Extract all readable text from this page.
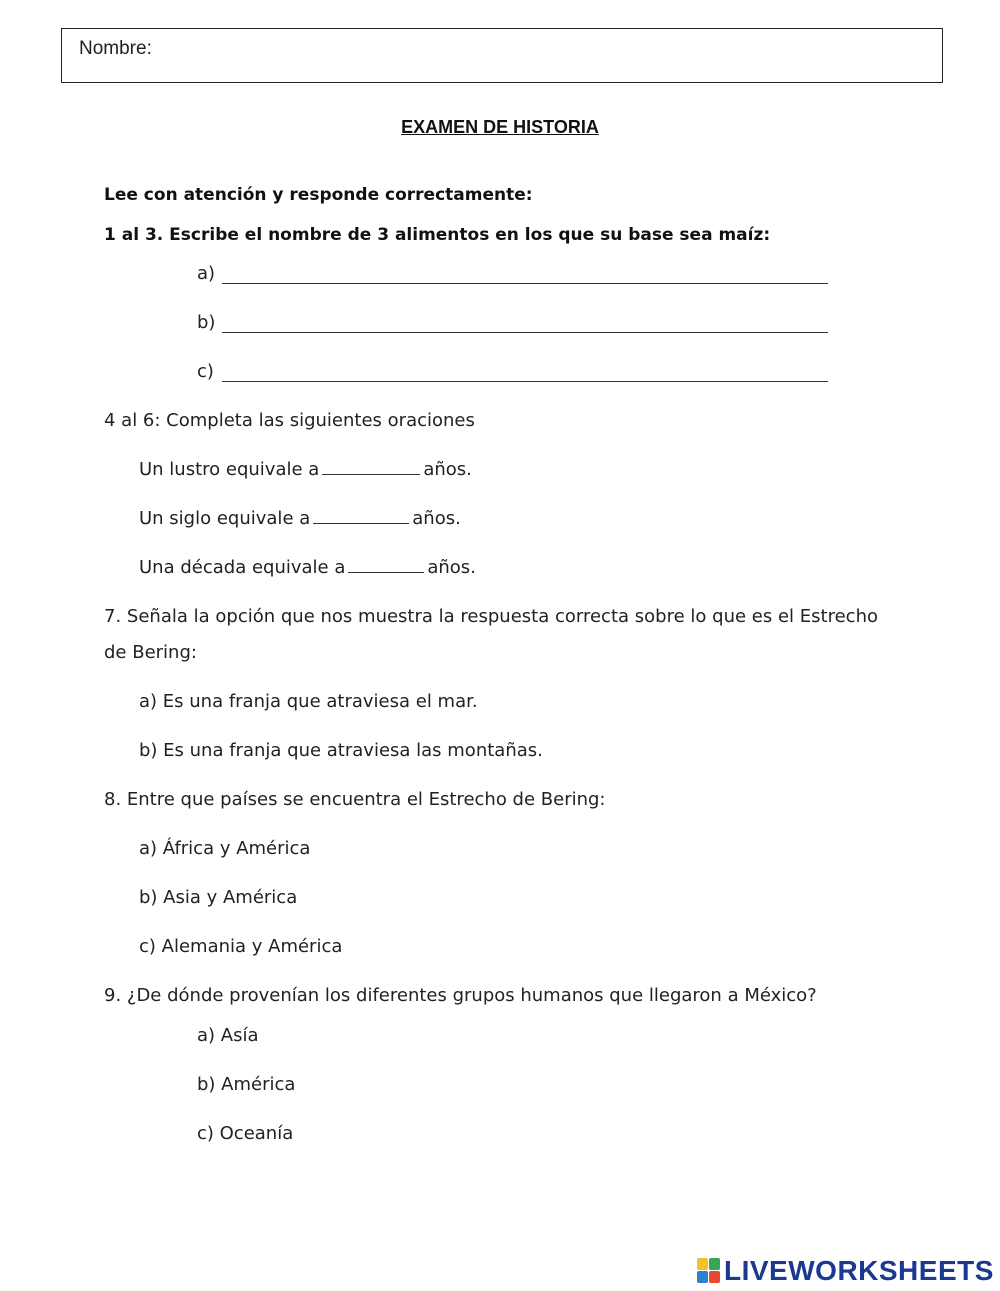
Nombre:
EXAMEN DE HISTORIA
Lee con atención y responde correctamente:
1 al 3. Escribe el nombre de 3 alimentos en los que su base sea maíz:
a)
b)
c)
4 al 6: Completa las siguientes oraciones
Un lustro equivale a	años.
Un siglo equivale a	años.
Una década equivale a	años.
7. Señala la opción que nos muestra la respuesta correcta sobre lo que es el Estrecho de Bering:
a) Es una franja que atraviesa el mar.
b) Es una franja que atraviesa las montañas.
8. Entre que países se encuentra el Estrecho de Bering:
a) África y América
b) Asia y América
c) Alemania y América
9. ¿De dónde provenían los diferentes grupos humanos que llegaron a México?
a) Asía
b) América
c) Oceanía
LIVEWORKSHEETS
